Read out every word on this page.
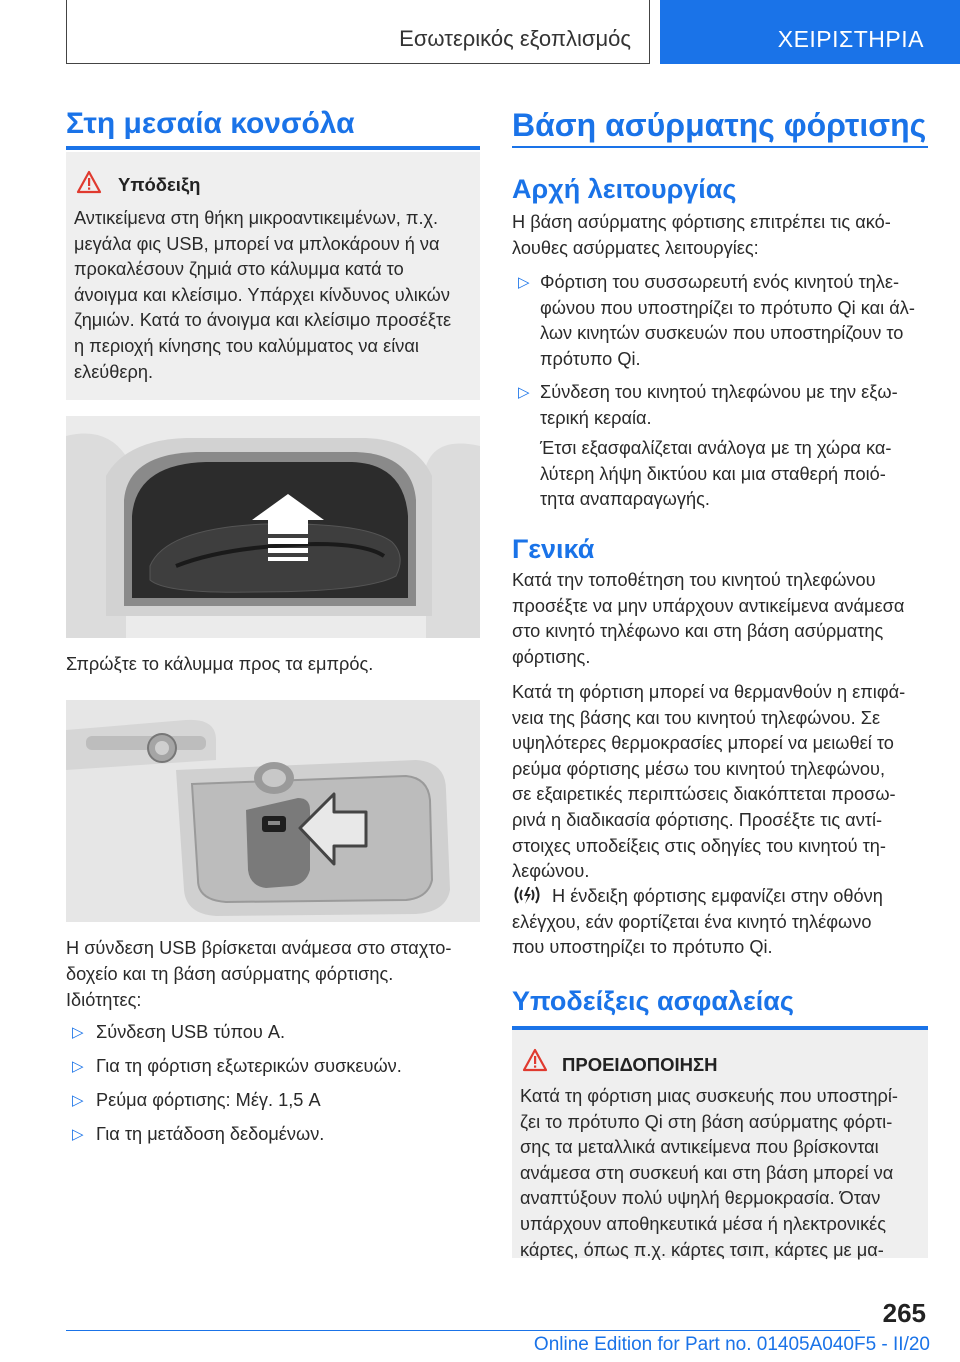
Εσωτερικός εξοπλισμός	ΧΕΙΡΙΣΤΗΡΙΑ
Στη μεσαία κονσόλα
Υπόδειξη
Αντικείμενα στη θήκη μικροαντικειμένων, π.χ.
μεγάλα φις USB, μπορεί να μπλοκάρουν ή να
προκαλέσουν ζημιά στο κάλυμμα κατά το
άνοιγμα και κλείσιμο. Υπάρχει κίνδυνος υλικών
ζημιών. Κατά το άνοιγμα και κλείσιμο προσέξτε
η περιοχή κίνησης του καλύμματος να είναι
ελεύθερη.
Σπρώξτε το κάλυμμα προς τα εμπρός.
Η σύνδεση USB βρίσκεται ανάμεσα στο σταχτο-
δοχείο και τη βάση ασύρματης φόρτισης.
Ιδιότητες:
▷ Σύνδεση USB τύπου A.
▷ Για τη φόρτιση εξωτερικών συσκευών.
▷ Ρεύμα φόρτισης: Μέγ. 1,5 A
▷ Για τη μετάδοση δεδομένων.
Βάση ασύρματης φόρτισης
Αρχή λειτουργίας
Η βάση ασύρματης φόρτισης επιτρέπει τις ακό-
λουθες ασύρματες λειτουργίες:
▷ Φόρτιση του συσσωρευτή ενός κινητού τηλε-
φώνου που υποστηρίζει το πρότυπο Qi και άλ-
λων κινητών συσκευών που υποστηρίζουν το
πρότυπο Qi.
▷ Σύνδεση του κινητού τηλεφώνου με την εξω-
τερική κεραία.
Έτσι εξασφαλίζεται ανάλογα με τη χώρα κα-
λύτερη λήψη δικτύου και μια σταθερή ποιό-
τητα αναπαραγωγής.
Γενικά
Κατά την τοποθέτηση του κινητού τηλεφώνου
προσέξτε να μην υπάρχουν αντικείμενα ανάμεσα
στο κινητό τηλέφωνο και στη βάση ασύρματης
φόρτισης.
Κατά τη φόρτιση μπορεί να θερμανθούν η επιφά-
νεια της βάσης και του κινητού τηλεφώνου. Σε
υψηλότερες θερμοκρασίες μπορεί να μειωθεί το
ρεύμα φόρτισης μέσω του κινητού τηλεφώνου,
σε εξαιρετικές περιπτώσεις διακόπτεται προσω-
ρινά η διαδικασία φόρτισης. Προσέξτε τις αντί-
στοιχες υποδείξεις στις οδηγίες του κινητού τη-
λεφώνου.
Η ένδειξη φόρτισης εμφανίζει στην οθόνη
ελέγχου, εάν φορτίζεται ένα κινητό τηλέφωνο
που υποστηρίζει το πρότυπο Qi.
Υποδείξεις ασφαλείας
ΠΡΟΕΙΔΟΠΟΙΗΣΗ
Κατά τη φόρτιση μιας συσκευής που υποστηρί-
ζει το πρότυπο Qi στη βάση ασύρματης φόρτι-
σης τα μεταλλικά αντικείμενα που βρίσκονται
ανάμεσα στη συσκευή και στη βάση μπορεί να
αναπτύξουν πολύ υψηλή θερμοκρασία. Όταν
υπάρχουν αποθηκευτικά μέσα ή ηλεκτρονικές
κάρτες, όπως π.χ. κάρτες τσιπ, κάρτες με μα-
265
Online Edition for Part no. 01405A040F5 - II/20
